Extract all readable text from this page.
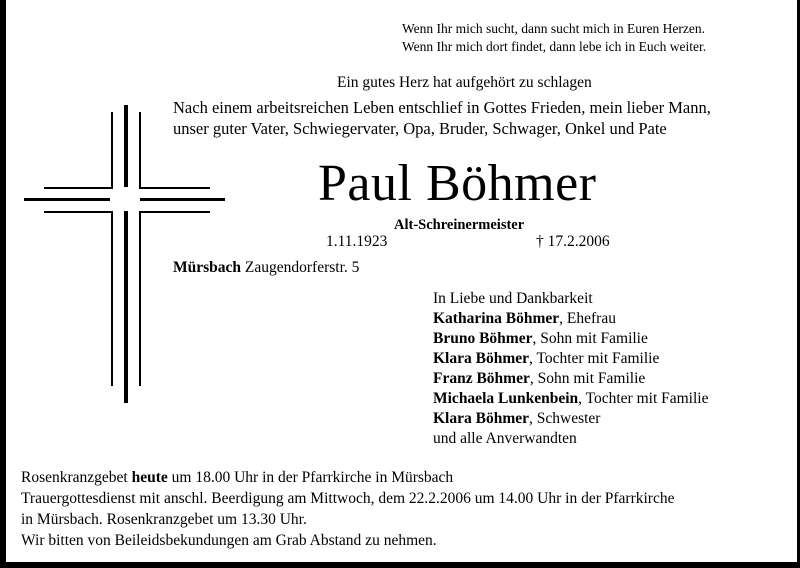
Wenn Ihr mich sucht, dann sucht mich in Euren Herzen.
Wenn Ihr mich dort findet, dann lebe ich in Euch weiter.
Ein gutes Herz hat aufgehört zu schlagen
Nach einem arbeitsreichen Leben entschlief in Gottes Frieden, mein lieber Mann,
unser guter Vater, Schwiegervater, Opa, Bruder, Schwager, Onkel und Pate
Paul Böhmer
Alt-Schreinermeister
1.11.1923	† 17.2.2006
Mürsbach Zaugendorferstr. 5
In Liebe und Dankbarkeit
Katharina Böhmer, Ehefrau
Bruno Böhmer, Sohn mit Familie
Klara Böhmer, Tochter mit Familie
Franz Böhmer, Sohn mit Familie
Michaela Lunkenbein, Tochter mit Familie
Klara Böhmer, Schwester
und alle Anverwandten
Rosenkranzgebet heute um 18.00 Uhr in der Pfarrkirche in Mürsbach
Trauergottesdienst mit anschl. Beerdigung am Mittwoch, dem 22.2.2006 um 14.00 Uhr in der Pfarrkirche
in Mürsbach. Rosenkranzgebet um 13.30 Uhr.
Wir bitten von Beileidsbekundungen am Grab Abstand zu nehmen.
